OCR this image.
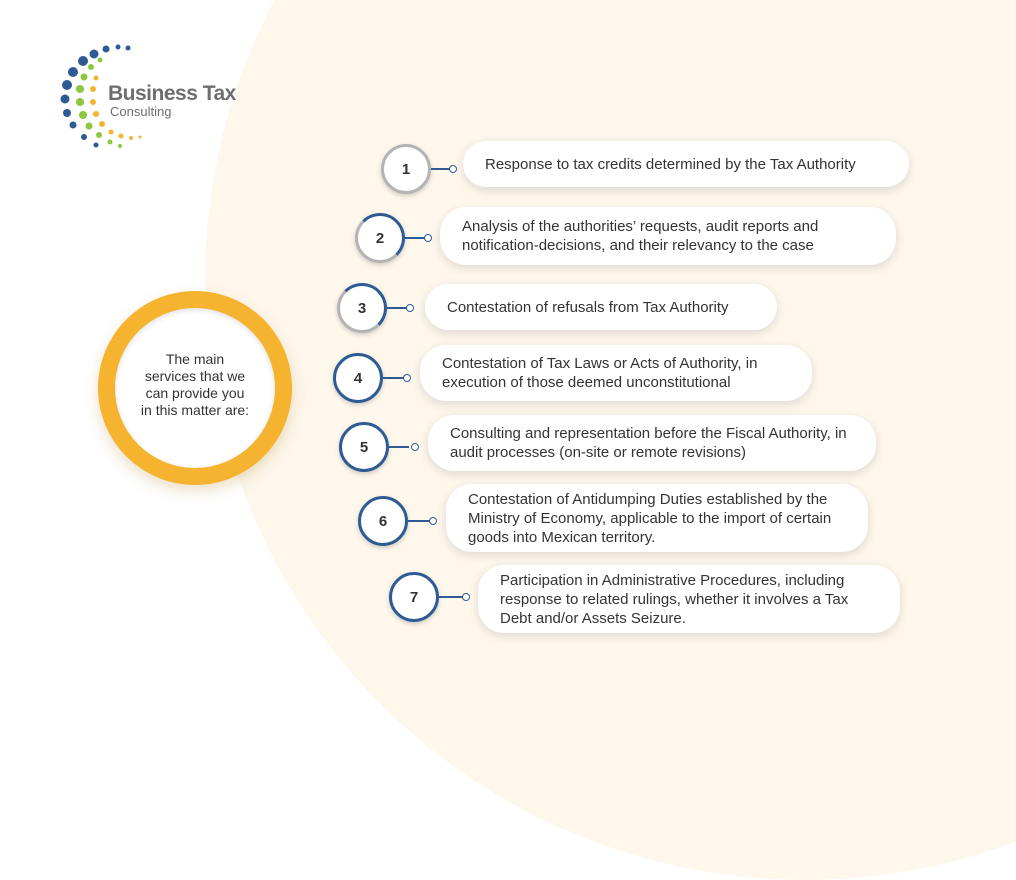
Business Tax
Consulting
The main services that we can provide you in this matter are:
1	Response to tax credits determined by the Tax Authority
2
Analysis of the authorities’ requests, audit reports and notification-decisions, and their relevancy to the case
3	Contestation of refusals from Tax Authority
4
Contestation of Tax Laws or Acts of Authority, in execution of those deemed unconstitutional
5
Consulting and representation before the Fiscal Authority, in audit processes (on-site or remote revisions)
6
Contestation of Antidumping Duties established by the Ministry of Economy, applicable to the import of certain goods into Mexican territory.
7
Participation in Administrative Procedures, including response to related rulings, whether it involves a Tax Debt and/or Assets Seizure.
